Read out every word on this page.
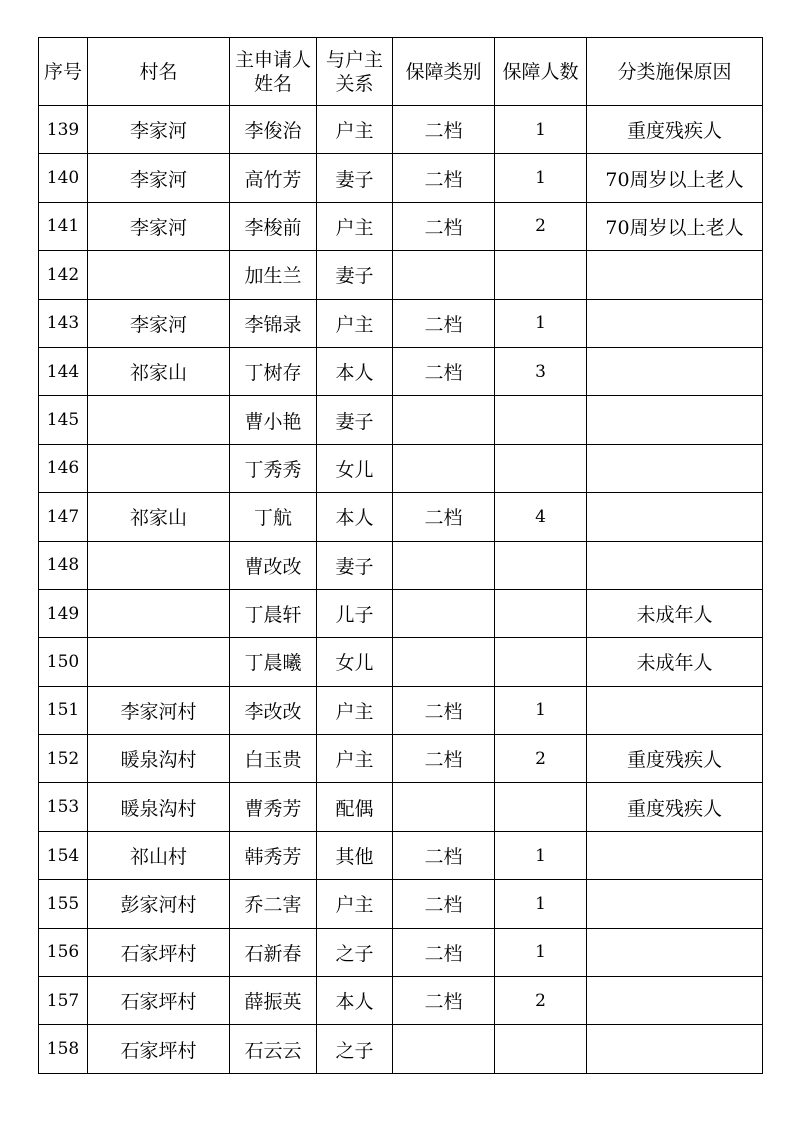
序号	村名	主申请人姓名	与户主关系	保障类别	保障人数	分类施保原因
139	李家河	李俊治	户主	二档	1	重度残疾人
140	李家河	高竹芳	妻子	二档	1	70周岁以上老人
141	李家河	李梭前	户主	二档	2	70周岁以上老人
142		加生兰	妻子			
143	李家河	李锦录	户主	二档	1	
144	祁家山	丁树存	本人	二档	3	
145		曹小艳	妻子			
146		丁秀秀	女儿			
147	祁家山	丁航	本人	二档	4	
148		曹改改	妻子			
149		丁晨轩	儿子			未成年人
150		丁晨曦	女儿			未成年人
151	李家河村	李改改	户主	二档	1	
152	暖泉沟村	白玉贵	户主	二档	2	重度残疾人
153	暖泉沟村	曹秀芳	配偶			重度残疾人
154	祁山村	韩秀芳	其他	二档	1	
155	彭家河村	乔二害	户主	二档	1	
156	石家坪村	石新春	之子	二档	1	
157	石家坪村	薛振英	本人	二档	2	
158	石家坪村	石云云	之子			
